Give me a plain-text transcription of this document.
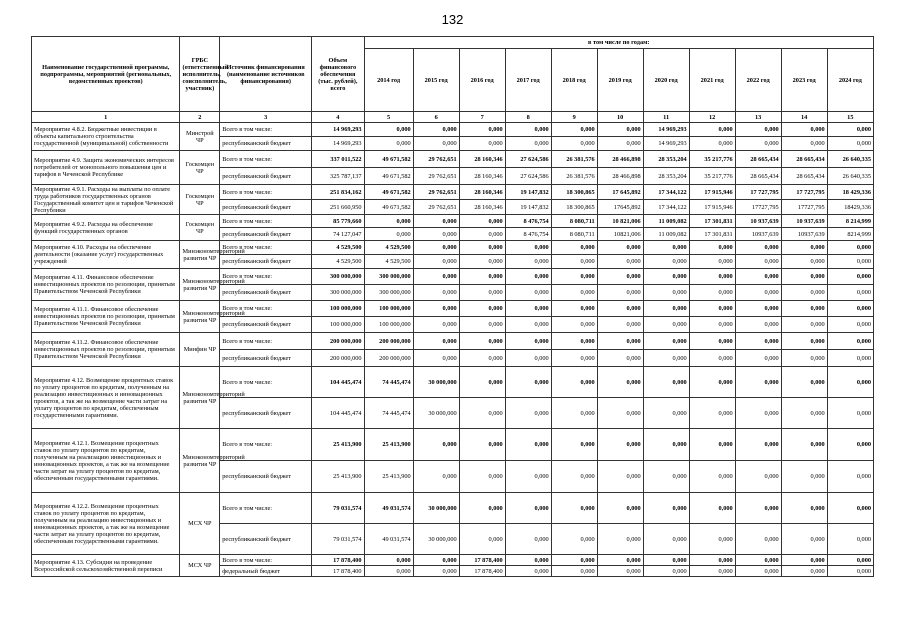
132
Наименование государственной программы, подпрограммы, мероприятий (региональных, ведомственных проектов)	ГРБС (ответственный исполнитель, соисполнитель, участник)	Источник финансирования (наименование источников финансирования)	Объем финансового обеспечения (тыс. рублей), всего	в том числе по годам:										
				2014 год	2015 год	2016 год	2017 год	2018 год	2019 год	2020 год	2021 год	2022 год	2023 год	2024 год
1	2	3	4	5	6	7	8	9	10	11	12	13	14	15
Мероприятие 4.8.2. Бюджетные инвестиции в объекты капитального строительства государственной (муниципальной) собственности	Минстрой ЧР	Всего в том числе:	14 969,293	0,000	0,000	0,000	0,000	0,000	0,000	14 969,293	0,000	0,000	0,000	0,000
		республиканский бюджет	14 969,293	0,000	0,000	0,000	0,000	0,000	0,000	14 969,293	0,000	0,000	0,000	0,000
Мероприятие 4.9. Защита экономических интересов потребителей от монопольного повышения цен и тарифов в Чеченской Республике	Госкомцен ЧР	Всего в том числе:	337 011,522	49 671,582	29 762,651	28 160,346	27 624,586	26 381,576	28 466,898	28 353,204	35 217,776	28 665,434	28 665,434	26 640,335
		республиканский бюджет	325 787,137	49 671,582	29 762,651	28 160,346	27 624,586	26 381,576	28 466,898	28 353,204	35 217,776	28 665,434	28 665,434	26 640,335
Мероприятие 4.9.1. Расходы на выплаты по оплате труда работников государственных органов Государственный комитет цен и тарифов Чеченской Республики	Госкомцен ЧР	Всего в том числе:	251 834,162	49 671,582	29 762,651	28 160,346	19 147,832	18 300,865	17 645,892	17 344,122	17 915,946	17 727,795	17 727,795	18 429,336
		республиканский бюджет	251 660,950	49 671,582	29 762,651	28 160,346	19 147,832	18 300,865	17645,892	17 344,122	17 915,946	17727,795	17727,795	18429,336
Мероприятие 4.9.2. Расходы на обеспечение функций государственных органов	Госкомцен ЧР	Всего в том числе:	85 779,660	0,000	0,000	0,000	8 476,754	8 080,711	10 821,006	11 009,082	17 301,831	10 937,639	10 937,639	8 214,999
		республиканский бюджет	74 127,047	0,000	0,000	0,000	8 476,754	8 080,711	10821,006	11 009,082	17 301,831	10937,639	10937,639	8214,999
Мероприятие 4.10. Расходы на обеспечение деятельности (оказание услуг) государственных учреждений	Минэкономтерриторий развития ЧР	Всего в том числе:	4 529,500	4 529,500	0,000	0,000	0,000	0,000	0,000	0,000	0,000	0,000	0,000	0,000
		республиканский бюджет	4 529,500	4 529,500	0,000	0,000	0,000	0,000	0,000	0,000	0,000	0,000	0,000	0,000
Мероприятие 4.11. Финансовое обеспечение инвестиционных проектов по резолюции, принятым Правительством Чеченской Республики	Минэкономтерриторий развития ЧР	Всего в том числе:	300 000,000	300 000,000	0,000	0,000	0,000	0,000	0,000	0,000	0,000	0,000	0,000	0,000
		республиканский бюджет	300 000,000	300 000,000	0,000	0,000	0,000	0,000	0,000	0,000	0,000	0,000	0,000	0,000
Мероприятие 4.11.1. Финансовое обеспечение инвестиционных проектов по резолюции, принятым Правительством Чеченской Республики	Минэкономтерриторий развития ЧР	Всего в том числе:	100 000,000	100 000,000	0,000	0,000	0,000	0,000	0,000	0,000	0,000	0,000	0,000	0,000
		республиканский бюджет	100 000,000	100 000,000	0,000	0,000	0,000	0,000	0,000	0,000	0,000	0,000	0,000	0,000
Мероприятие 4.11.2. Финансовое обеспечение инвестиционных проектов по резолюции, принятым Правительством Чеченской Республики	Минфин ЧР	Всего в том числе:	200 000,000	200 000,000	0,000	0,000	0,000	0,000	0,000	0,000	0,000	0,000	0,000	0,000
		республиканский бюджет	200 000,000	200 000,000	0,000	0,000	0,000	0,000	0,000	0,000	0,000	0,000	0,000	0,000
Мероприятие 4.12. Возмещение процентных ставок по уплату процентов по кредитам, полученным на реализацию инвестиционных и инновационных проектов, а так же на возмещение части затрат на уплату процентов по кредитам, обеспеченным государственными гарантиями.	Минэкономтерриторий развития ЧР	Всего в том числе:	104 445,474	74 445,474	30 000,000	0,000	0,000	0,000	0,000	0,000	0,000	0,000	0,000	0,000
		республиканский бюджет	104 445,474	74 445,474	30 000,000	0,000	0,000	0,000	0,000	0,000	0,000	0,000	0,000	0,000
Мероприятие 4.12.1. Возмещение процентных ставок по уплату процентов по кредитам, полученным на реализацию инвестиционных и инновационных проектов, а так же на возмещение части затрат на уплату процентов по кредитам, обеспеченным государственными гарантиями.	Минэкономтерриторий развития ЧР	Всего в том числе:	25 413,900	25 413,900	0,000	0,000	0,000	0,000	0,000	0,000	0,000	0,000	0,000	0,000
		республиканский бюджет	25 413,900	25 413,900	0,000	0,000	0,000	0,000	0,000	0,000	0,000	0,000	0,000	0,000
Мероприятие 4.12.2. Возмещение процентных ставок по уплату процентов по кредитам, полученным на реализацию инвестиционных и инновационных проектов, а так же на возмещение части затрат на уплату процентов по кредитам, обеспеченным государственными гарантиями.	МСХ ЧР	Всего в том числе:	79 031,574	49 031,574	30 000,000	0,000	0,000	0,000	0,000	0,000	0,000	0,000	0,000	0,000
		республиканский бюджет	79 031,574	49 031,574	30 000,000	0,000	0,000	0,000	0,000	0,000	0,000	0,000	0,000	0,000
Мероприятие 4.13. Субсидия на проведение Всероссийской сельскохозяйственной переписи	МСХ ЧР	Всего в том числе:	17 878,400	0,000	0,000	17 878,400	0,000	0,000	0,000	0,000	0,000	0,000	0,000	0,000
		федеральный бюджет	17 878,400	0,000	0,000	17 878,400	0,000	0,000	0,000	0,000	0,000	0,000	0,000	0,000
